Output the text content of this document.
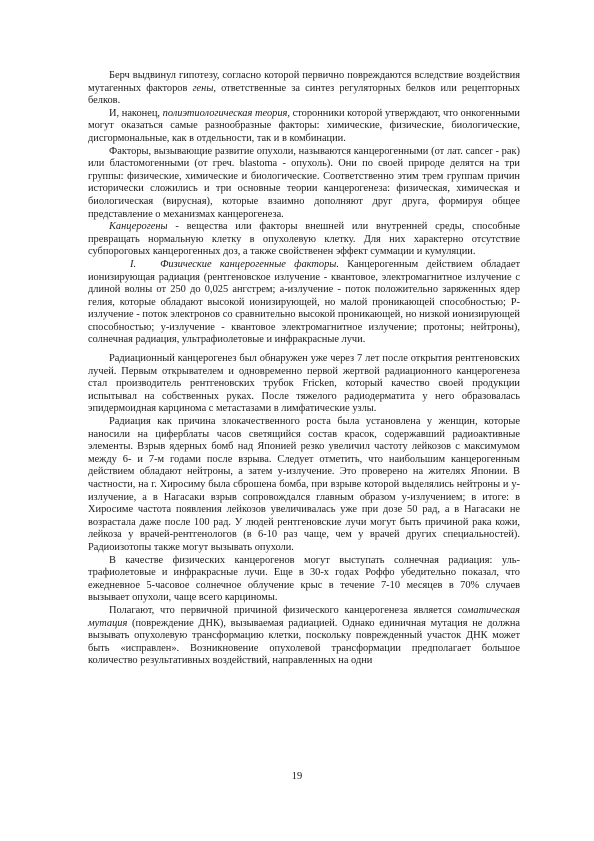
Берч выдвинул гипотезу, согласно которой первично повреждаются вследствие воздействия мутагенных факторов гены, ответственные за синтез регуляторных белков или рецепторных белков.

И, наконец, полиэтиологическая теория, сторонники которой утверждают, что онкогенными могут оказаться самые разнообразные факторы: химические, физические, биологические, дисгормональные, как в отдельности, так и в комбинации.

Факторы, вызывающие развитие опухоли, называются канцерогенными (от лат. cancer - рак) или бластомогенными (от греч. blastoma - опухоль). Они по своей природе делятся на три группы: физические, химические и биологические. Соответственно этим трем группам причин исторически сложились и три основные теории канцерогенеза: физическая, химическая и биологическая (вирусная), которые взаимно дополняют друг друга, формируя общее представление о механизмах канцерогенеза.

Канцерогены - вещества или факторы внешней или внутренней среды, способные превращать нормальную клетку в опухолевую клетку. Для них характерно отсутствие субпороговых канцерогенных доз, а также свойственен эффект суммации и кумуляции.

I. Физические канцерогенные факторы. Канцерогенным действием обладает ионизирующая радиация (рентгеновское излучение - квантовое, электромагнитное излучение с длиной волны от 250 до 0,025 ангстрем; а-излучение - поток положительно заряженных ядер гелия, которые обладают высокой ионизирующей, но малой проникающей способностью; Р-излучение - поток электронов со сравнительно высокой проникающей, но низкой ионизирующей способностью; у-излучение - квантовое электромагнитное излучение; протоны; нейтроны), солнечная радиация, ультрафиолетовые и инфракрасные лучи.

Радиационный канцерогенез был обнаружен уже через 7 лет после открытия рентгеновских лучей. Первым открывателем и одновременно первой жертвой радиационного канцерогенеза стал производитель рентгеновских трубок Fricken, который качество своей продукции испытывал на собственных руках. После тяжелого радиодерматита у него образовалась эпидермоидная карцинома с метастазами в лимфатические узлы.

Радиация как причина злокачественного роста была установлена у женщин, которые наносили на циферблаты часов светящийся состав красок, содержавший радиоактивные элементы. Взрыв ядерных бомб над Японией резко увеличил частоту лейкозов с максимумом между 6- и 7-м годами после взрыва. Следует отметить, что наибольшим канцерогенным действием обладают нейтроны, а затем у-излучение. Это проверено на жителях Японии. В частности, на г. Хиросиму была сброшена бомба, при взрыве которой выделялись нейтроны и у-излучение, а в Нагасаки взрыв сопровождался главным образом у-излучением; в итоге: в Хиросиме частота появления лейкозов увеличивалась уже при дозе 50 рад, а в Нагасаки не возрастала даже после 100 рад. У людей рентгеновские лучи могут быть причиной рака кожи, лейкоза у врачей-рентгенологов (в 6-10 раз чаще, чем у врачей других специальностей). Радиоизотопы также могут вызывать опухоли.

В качестве физических канцерогенов могут выступать солнечная радиация: ультрафиолетовые и инфракрасные лучи. Еще в 30-х годах Роффо убедительно показал, что ежедневное 5-часовое солнечное облучение крыс в течение 7-10 месяцев в 70% случаев вызывает опухоли, чаще всего карциномы.

Полагают, что первичной причиной физического канцерогенеза является соматическая мутация (повреждение ДНК), вызываемая радиацией. Однако единичная мутация не должна вызывать опухолевую трансформацию клетки, поскольку поврежденный участок ДНК может быть «исправлен». Возникновение опухолевой трансформации предполагает большое количество результативных воздействий, направленных на одни

19
